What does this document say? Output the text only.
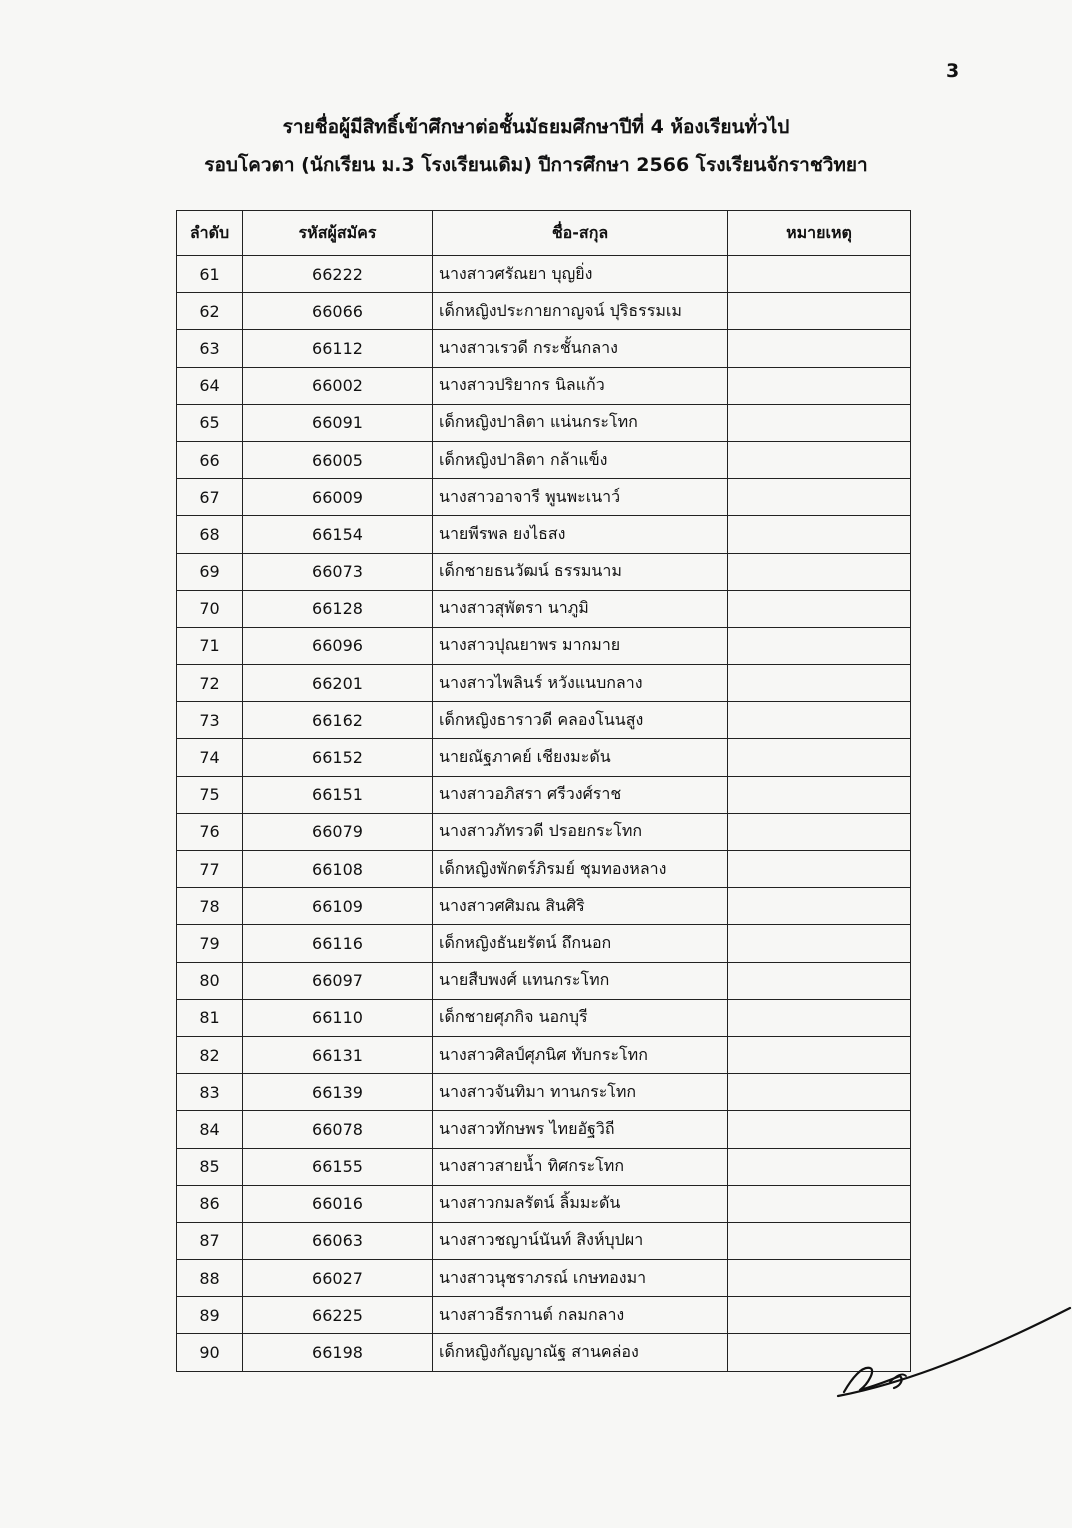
3
รายชื่อผู้มีสิทธิ์เข้าศึกษาต่อชั้นมัธยมศึกษาปีที่ 4 ห้องเรียนทั่วไป
รอบโควตา (นักเรียน ม.3 โรงเรียนเดิม) ปีการศึกษา 2566 โรงเรียนจักราชวิทยา
ลำดับ	รหัสผู้สมัคร	ชื่อ-สกุล	หมายเหตุ
61	66222	นางสาวศรัณยา บุญยิ่ง	
62	66066	เด็กหญิงประกายกาญจน์ ปุริธรรมเม	
63	66112	นางสาวเรวดี กระชั้นกลาง	
64	66002	นางสาวปริยากร นิลแก้ว	
65	66091	เด็กหญิงปาลิตา แน่นกระโทก	
66	66005	เด็กหญิงปาลิตา กล้าแข็ง	
67	66009	นางสาวอาจารี พูนพะเนาว์	
68	66154	นายพีรพล ยงไธสง	
69	66073	เด็กชายธนวัฒน์ ธรรมนาม	
70	66128	นางสาวสุพัตรา นาภูมิ	
71	66096	นางสาวปุณยาพร มากมาย	
72	66201	นางสาวไพลินร์ หวังแนบกลาง	
73	66162	เด็กหญิงธาราวดี คลองโนนสูง	
74	66152	นายณัฐภาคย์ เชียงมะดัน	
75	66151	นางสาวอภิสรา ศรีวงศ์ราช	
76	66079	นางสาวภัทรวดี ปรอยกระโทก	
77	66108	เด็กหญิงพักตร์ภิรมย์ ชุมทองหลาง	
78	66109	นางสาวศศิมณ สินศิริ	
79	66116	เด็กหญิงธันยรัตน์ ถึกนอก	
80	66097	นายสืบพงศ์ แทนกระโทก	
81	66110	เด็กชายศุภกิจ นอกบุรี	
82	66131	นางสาวศิลป์ศุภนิศ ทับกระโทก	
83	66139	นางสาวจันทิมา ทานกระโทก	
84	66078	นางสาวทักษพร ไทยอัฐวิถี	
85	66155	นางสาวสายน้ำ ทิศกระโทก	
86	66016	นางสาวกมลรัตน์ ลิ้มมะดัน	
87	66063	นางสาวชญาน์นันท์ สิงห์บุปผา	
88	66027	นางสาวนุชราภรณ์ เกษทองมา	
89	66225	นางสาวธีรกานต์ กลมกลาง	
90	66198	เด็กหญิงกัญญาณัฐ สานคล่อง	
